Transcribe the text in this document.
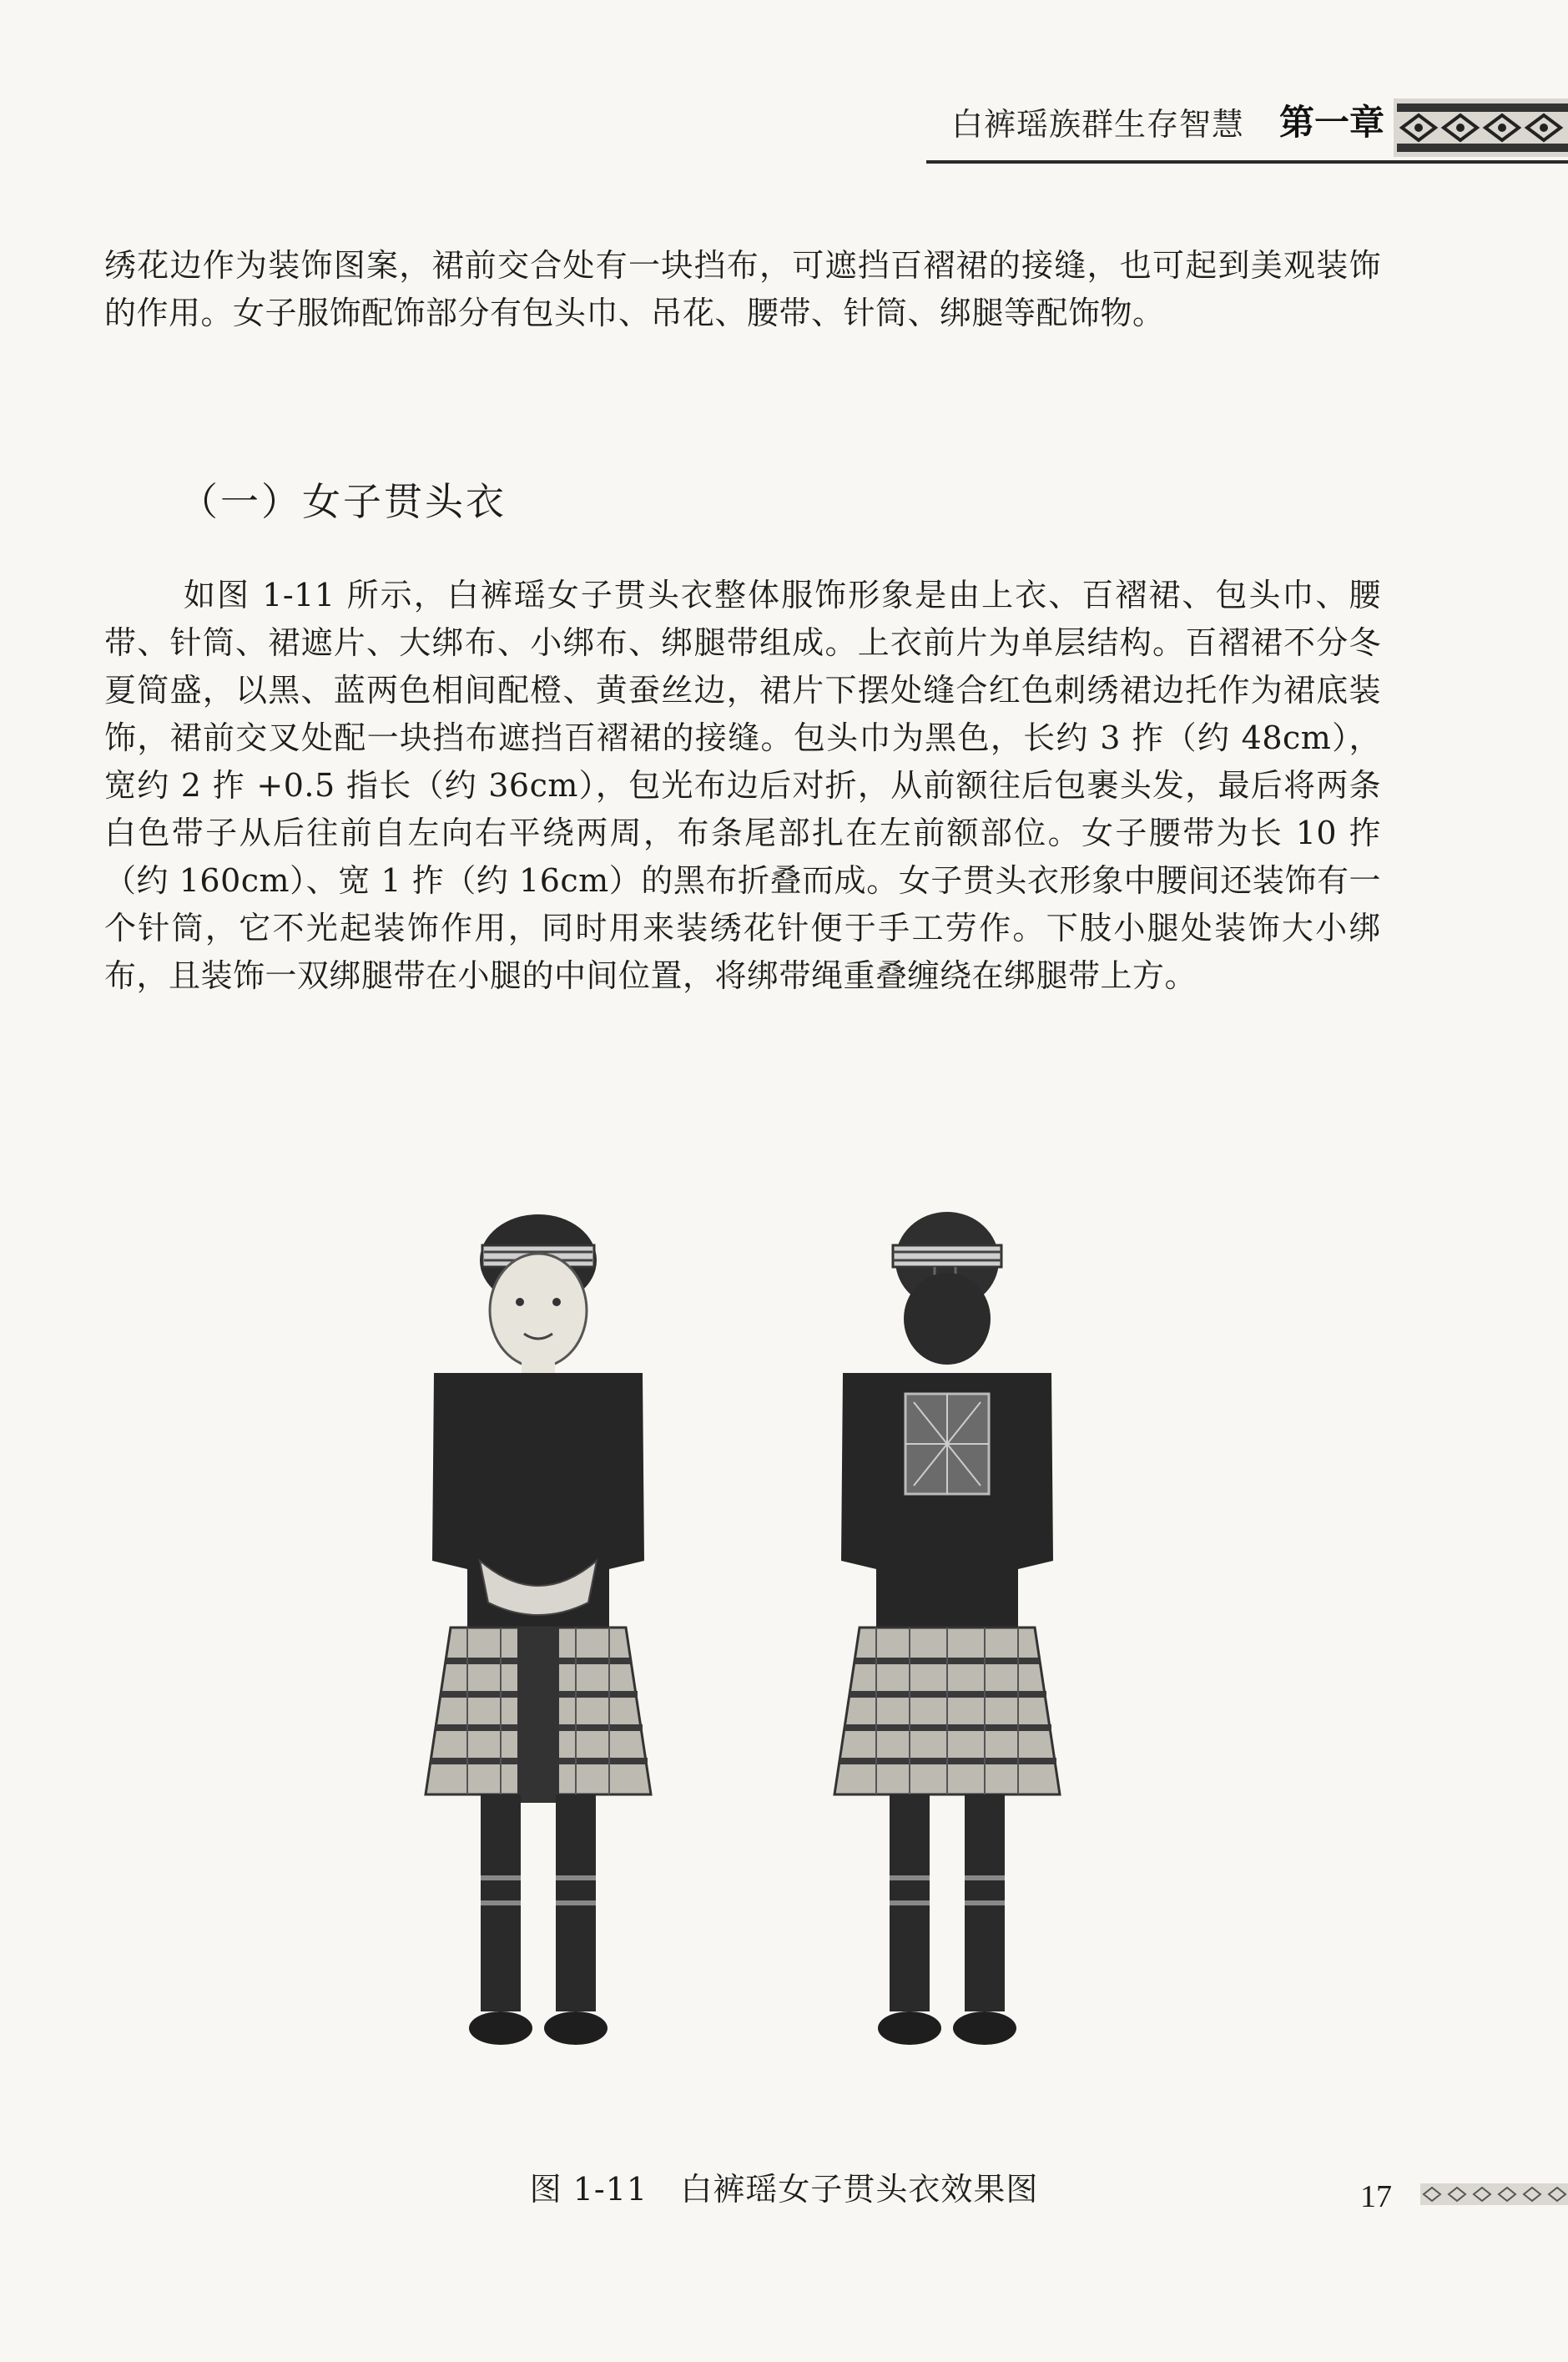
白裤瑶族群生存智慧 第一章

绣花边作为装饰图案，裙前交合处有一块挡布，可遮挡百褶裙的接缝，也可起到美观装饰的作用。女子服饰配饰部分有包头巾、吊花、腰带、针筒、绑腿等配饰物。

（一）女子贯头衣

如图 1-11 所示，白裤瑶女子贯头衣整体服饰形象是由上衣、百褶裙、包头巾、腰带、针筒、裙遮片、大绑布、小绑布、绑腿带组成。上衣前片为单层结构。百褶裙不分冬夏简盛，以黑、蓝两色相间配橙、黄蚕丝边，裙片下摆处缝合红色刺绣裙边托作为裙底装饰，裙前交叉处配一块挡布遮挡百褶裙的接缝。包头巾为黑色，长约 3 拃（约 48cm），宽约 2 拃 +0.5 指长（约 36cm），包光布边后对折，从前额往后包裹头发，最后将两条白色带子从后往前自左向右平绕两周，布条尾部扎在左前额部位。女子腰带为长 10 拃（约 160cm）、宽 1 拃（约 16cm）的黑布折叠而成。女子贯头衣形象中腰间还装饰有一个针筒，它不光起装饰作用，同时用来装绣花针便于手工劳作。下肢小腿处装饰大小绑布，且装饰一双绑腿带在小腿的中间位置，将绑带绳重叠缠绕在绑腿带上方。

图 1-11   白裤瑶女子贯头衣效果图	17
